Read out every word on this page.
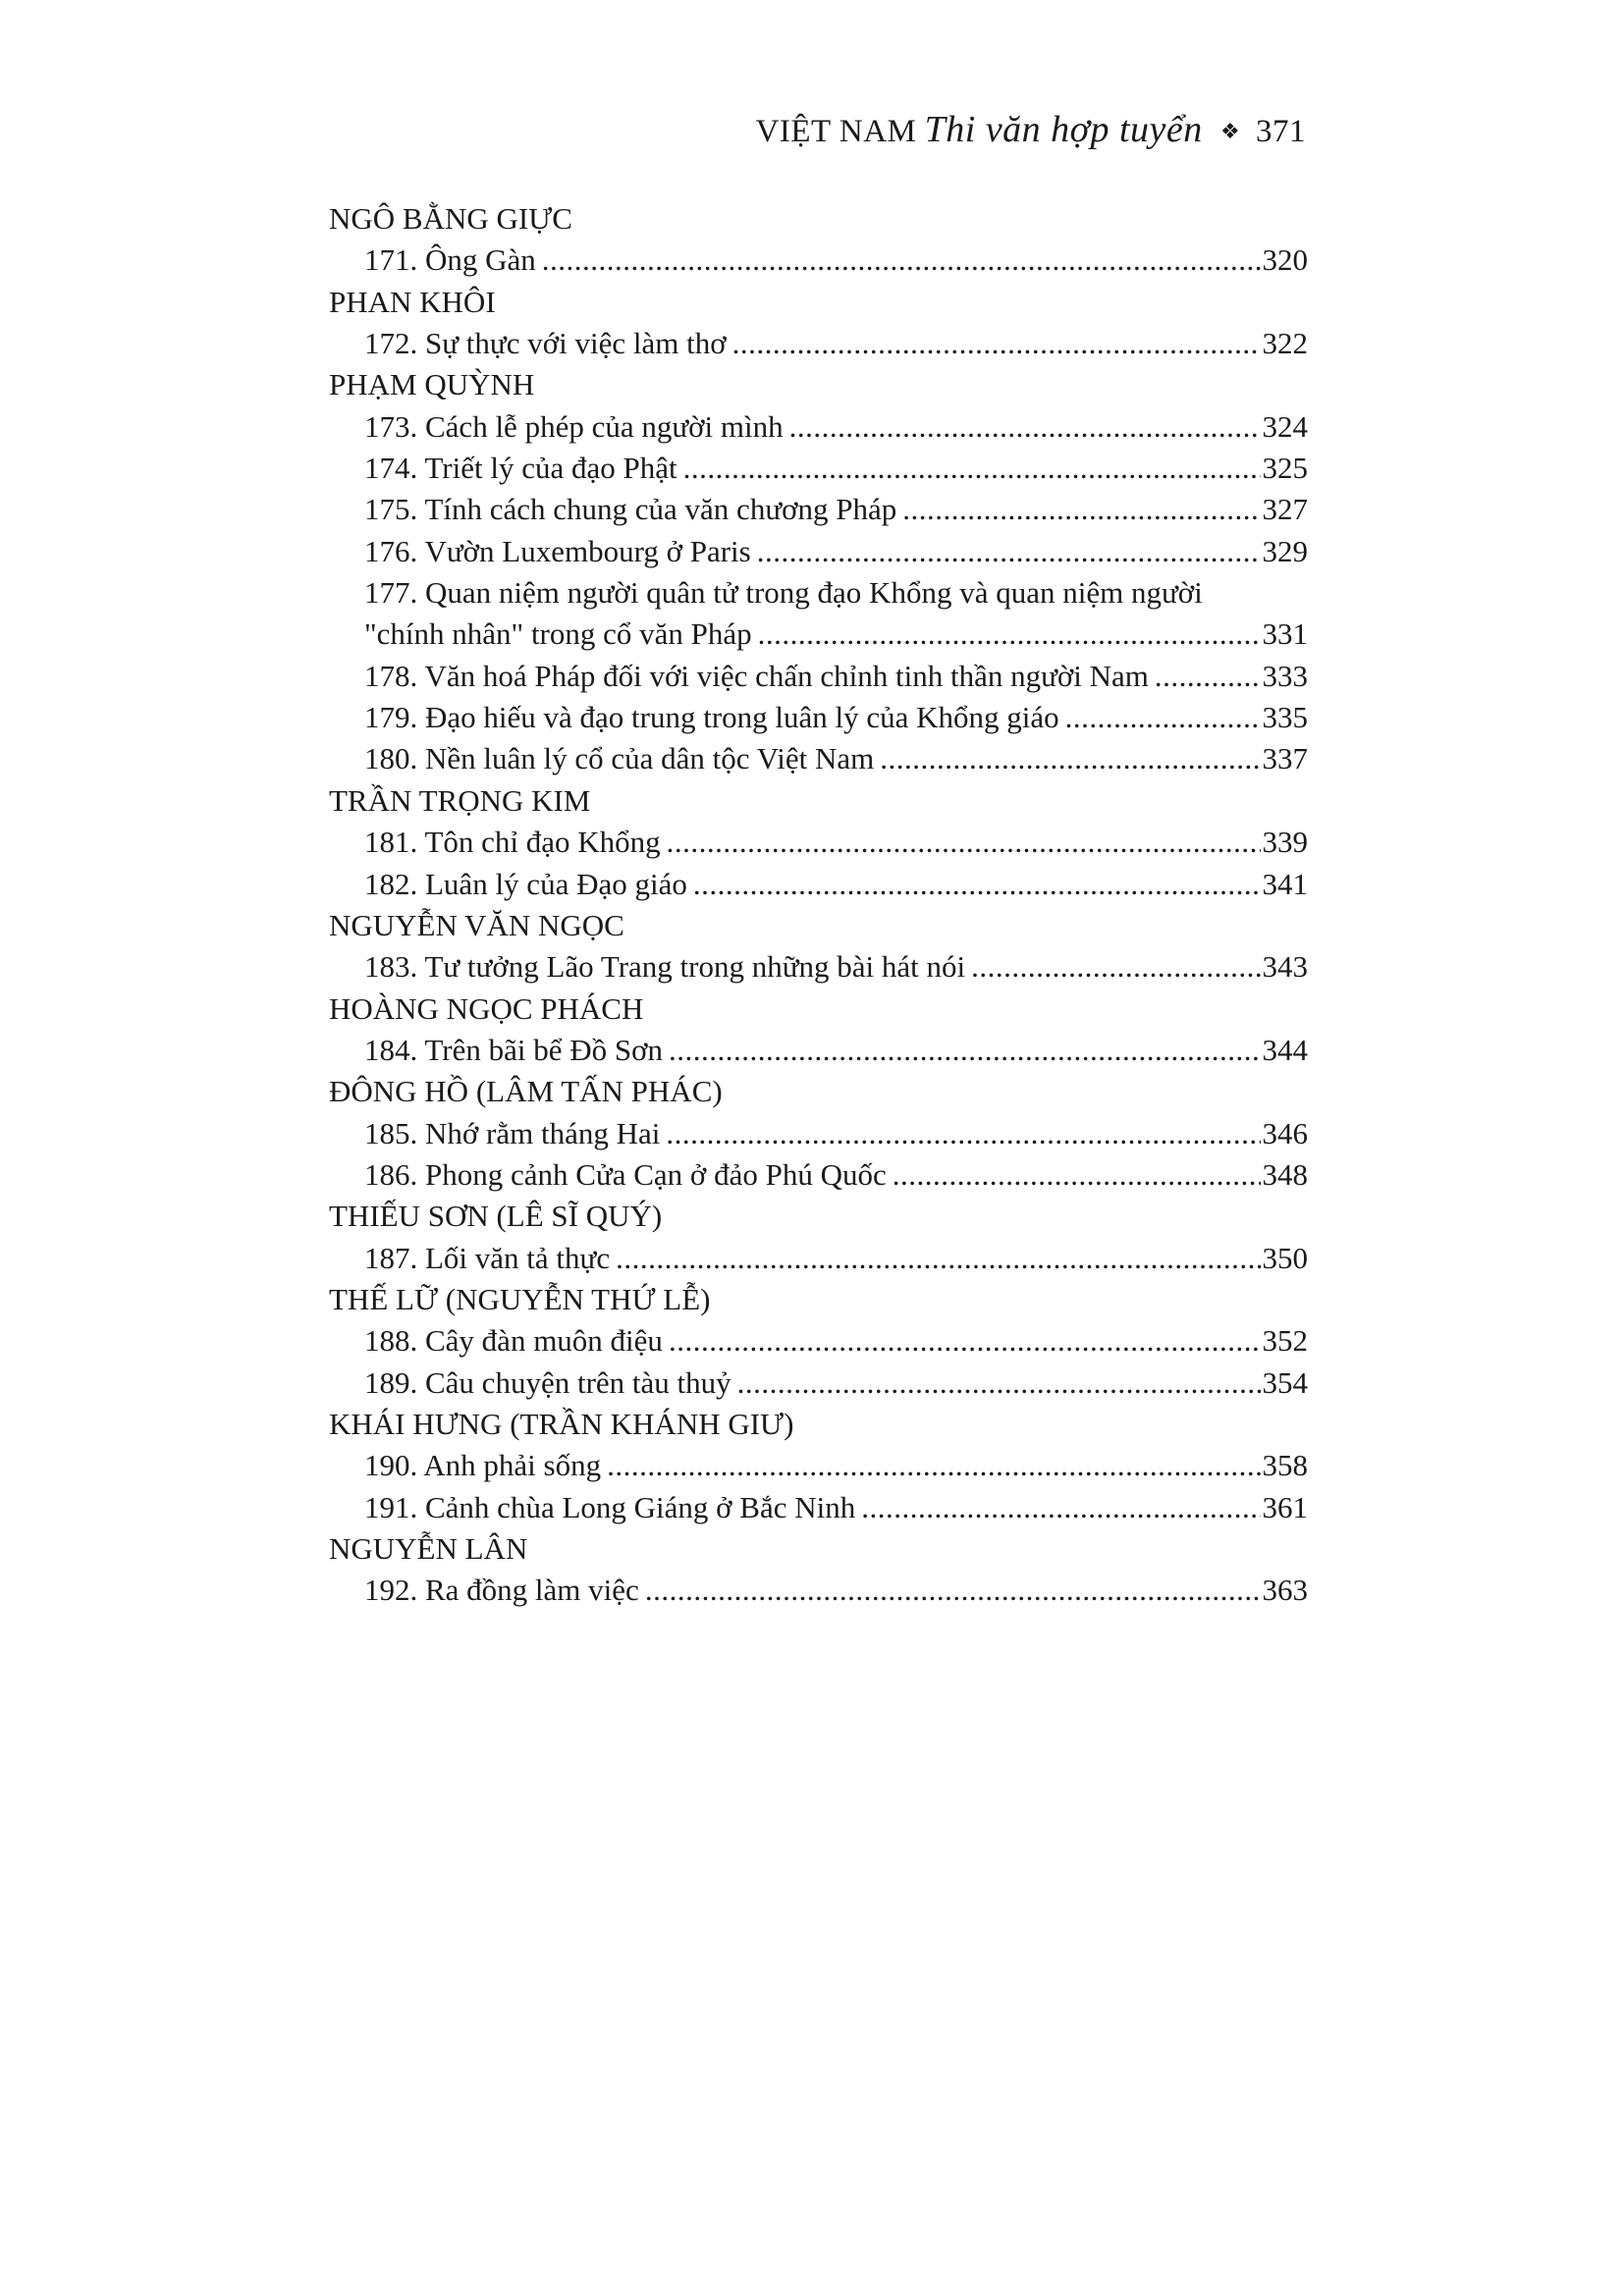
VIỆT NAM Thi văn hợp tuyển ❖ 371
NGÔ BẰNG GIỰC
171. Ông Gàn .....	320
PHAN KHÔI
172. Sự thực với việc làm thơ .....	322
PHẠM QUỲNH
173. Cách lễ phép của người mình .....	324
174. Triết lý của đạo Phật .....	325
175. Tính cách chung của văn chương Pháp .....	327
176. Vườn Luxembourg ở Paris .....	329
177. Quan niệm người quân tử trong đạo Khổng và quan niệm người
"chính nhân" trong cổ văn Pháp .....	331
178. Văn hoá Pháp đối với việc chấn chỉnh tinh thần người Nam .....	333
179. Đạo hiếu và đạo trung trong luân lý của Khổng giáo .....	335
180. Nền luân lý cổ của dân tộc Việt Nam .....	337
TRẦN TRỌNG KIM
181. Tôn chỉ đạo Khổng .....	339
182. Luân lý của Đạo giáo .....	341
NGUYỄN VĂN NGỌC
183. Tư tưởng Lão Trang trong những bài hát nói .....	343
HOÀNG NGỌC PHÁCH
184. Trên bãi bể Đồ Sơn .....	344
ĐÔNG HỒ (LÂM TẤN PHÁC)
185. Nhớ rằm tháng Hai .....	346
186. Phong cảnh Cửa Cạn ở đảo Phú Quốc .....	348
THIẾU SƠN (LÊ SĨ QUÝ)
187. Lối văn tả thực .....	350
THẾ LỮ (NGUYỄN THỨ LỄ)
188. Cây đàn muôn điệu .....	352
189. Câu chuyện trên tàu thuỷ .....	354
KHÁI HƯNG (TRẦN KHÁNH GIƯ)
190. Anh phải sống .....	358
191. Cảnh chùa Long Giáng ở Bắc Ninh .....	361
NGUYỄN LÂN
192. Ra đồng làm việc .....	363
